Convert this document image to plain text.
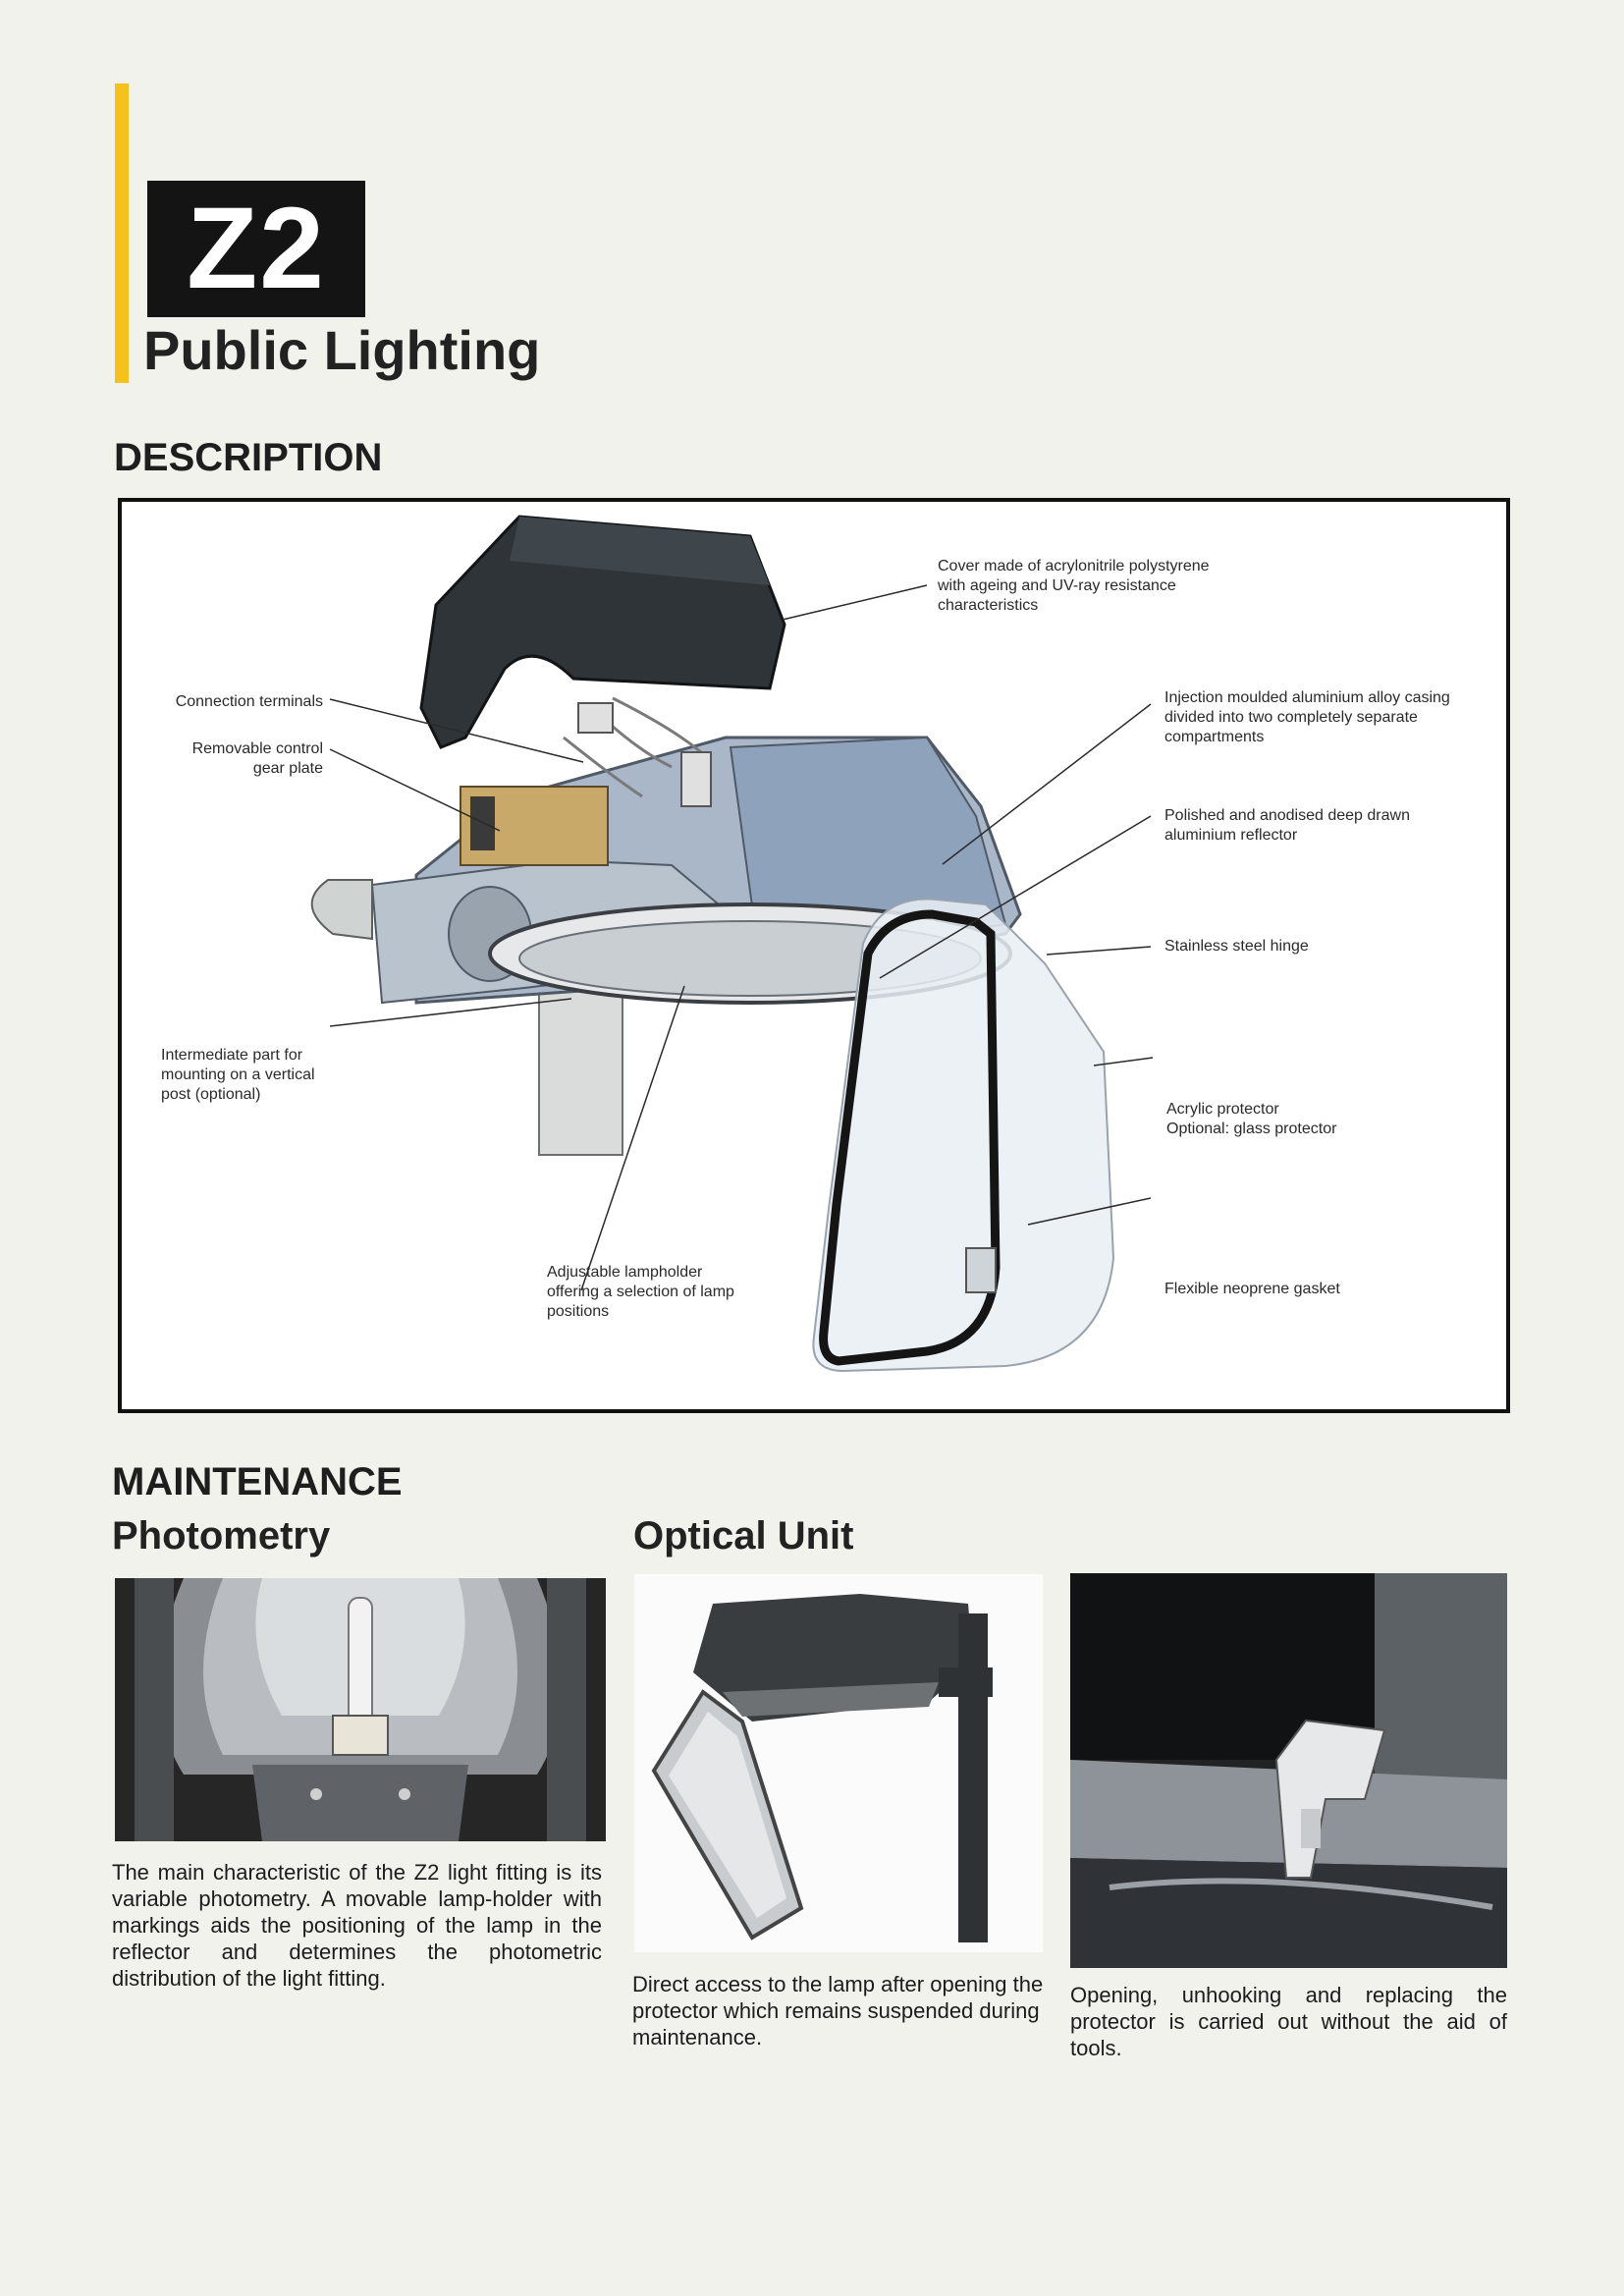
Z2
Public Lighting
DESCRIPTION
Cover made of acrylonitrile polystyrene with ageing and UV-ray resistance characteristics
Connection terminals
Removable control gear plate
Injection moulded aluminium alloy casing divided into two completely separate compartments
Polished and anodised deep drawn aluminium reflector
Stainless steel hinge
Intermediate part for mounting on a vertical post (optional)
Acrylic protector
Optional: glass protector
Adjustable lampholder offering a selection of lamp positions
Flexible neoprene gasket
MAINTENANCE
Photometry	Optical Unit
The main characteristic of the Z2 light fitting is its variable photometry. A movable lamp-holder with markings aids the positioning of the lamp in the reflector and determines the photometric distribution of the light fitting.	Direct access to the lamp after opening the protector which remains suspended during maintenance.
Opening, unhooking and replacing the protector is carried out without the aid of tools.
